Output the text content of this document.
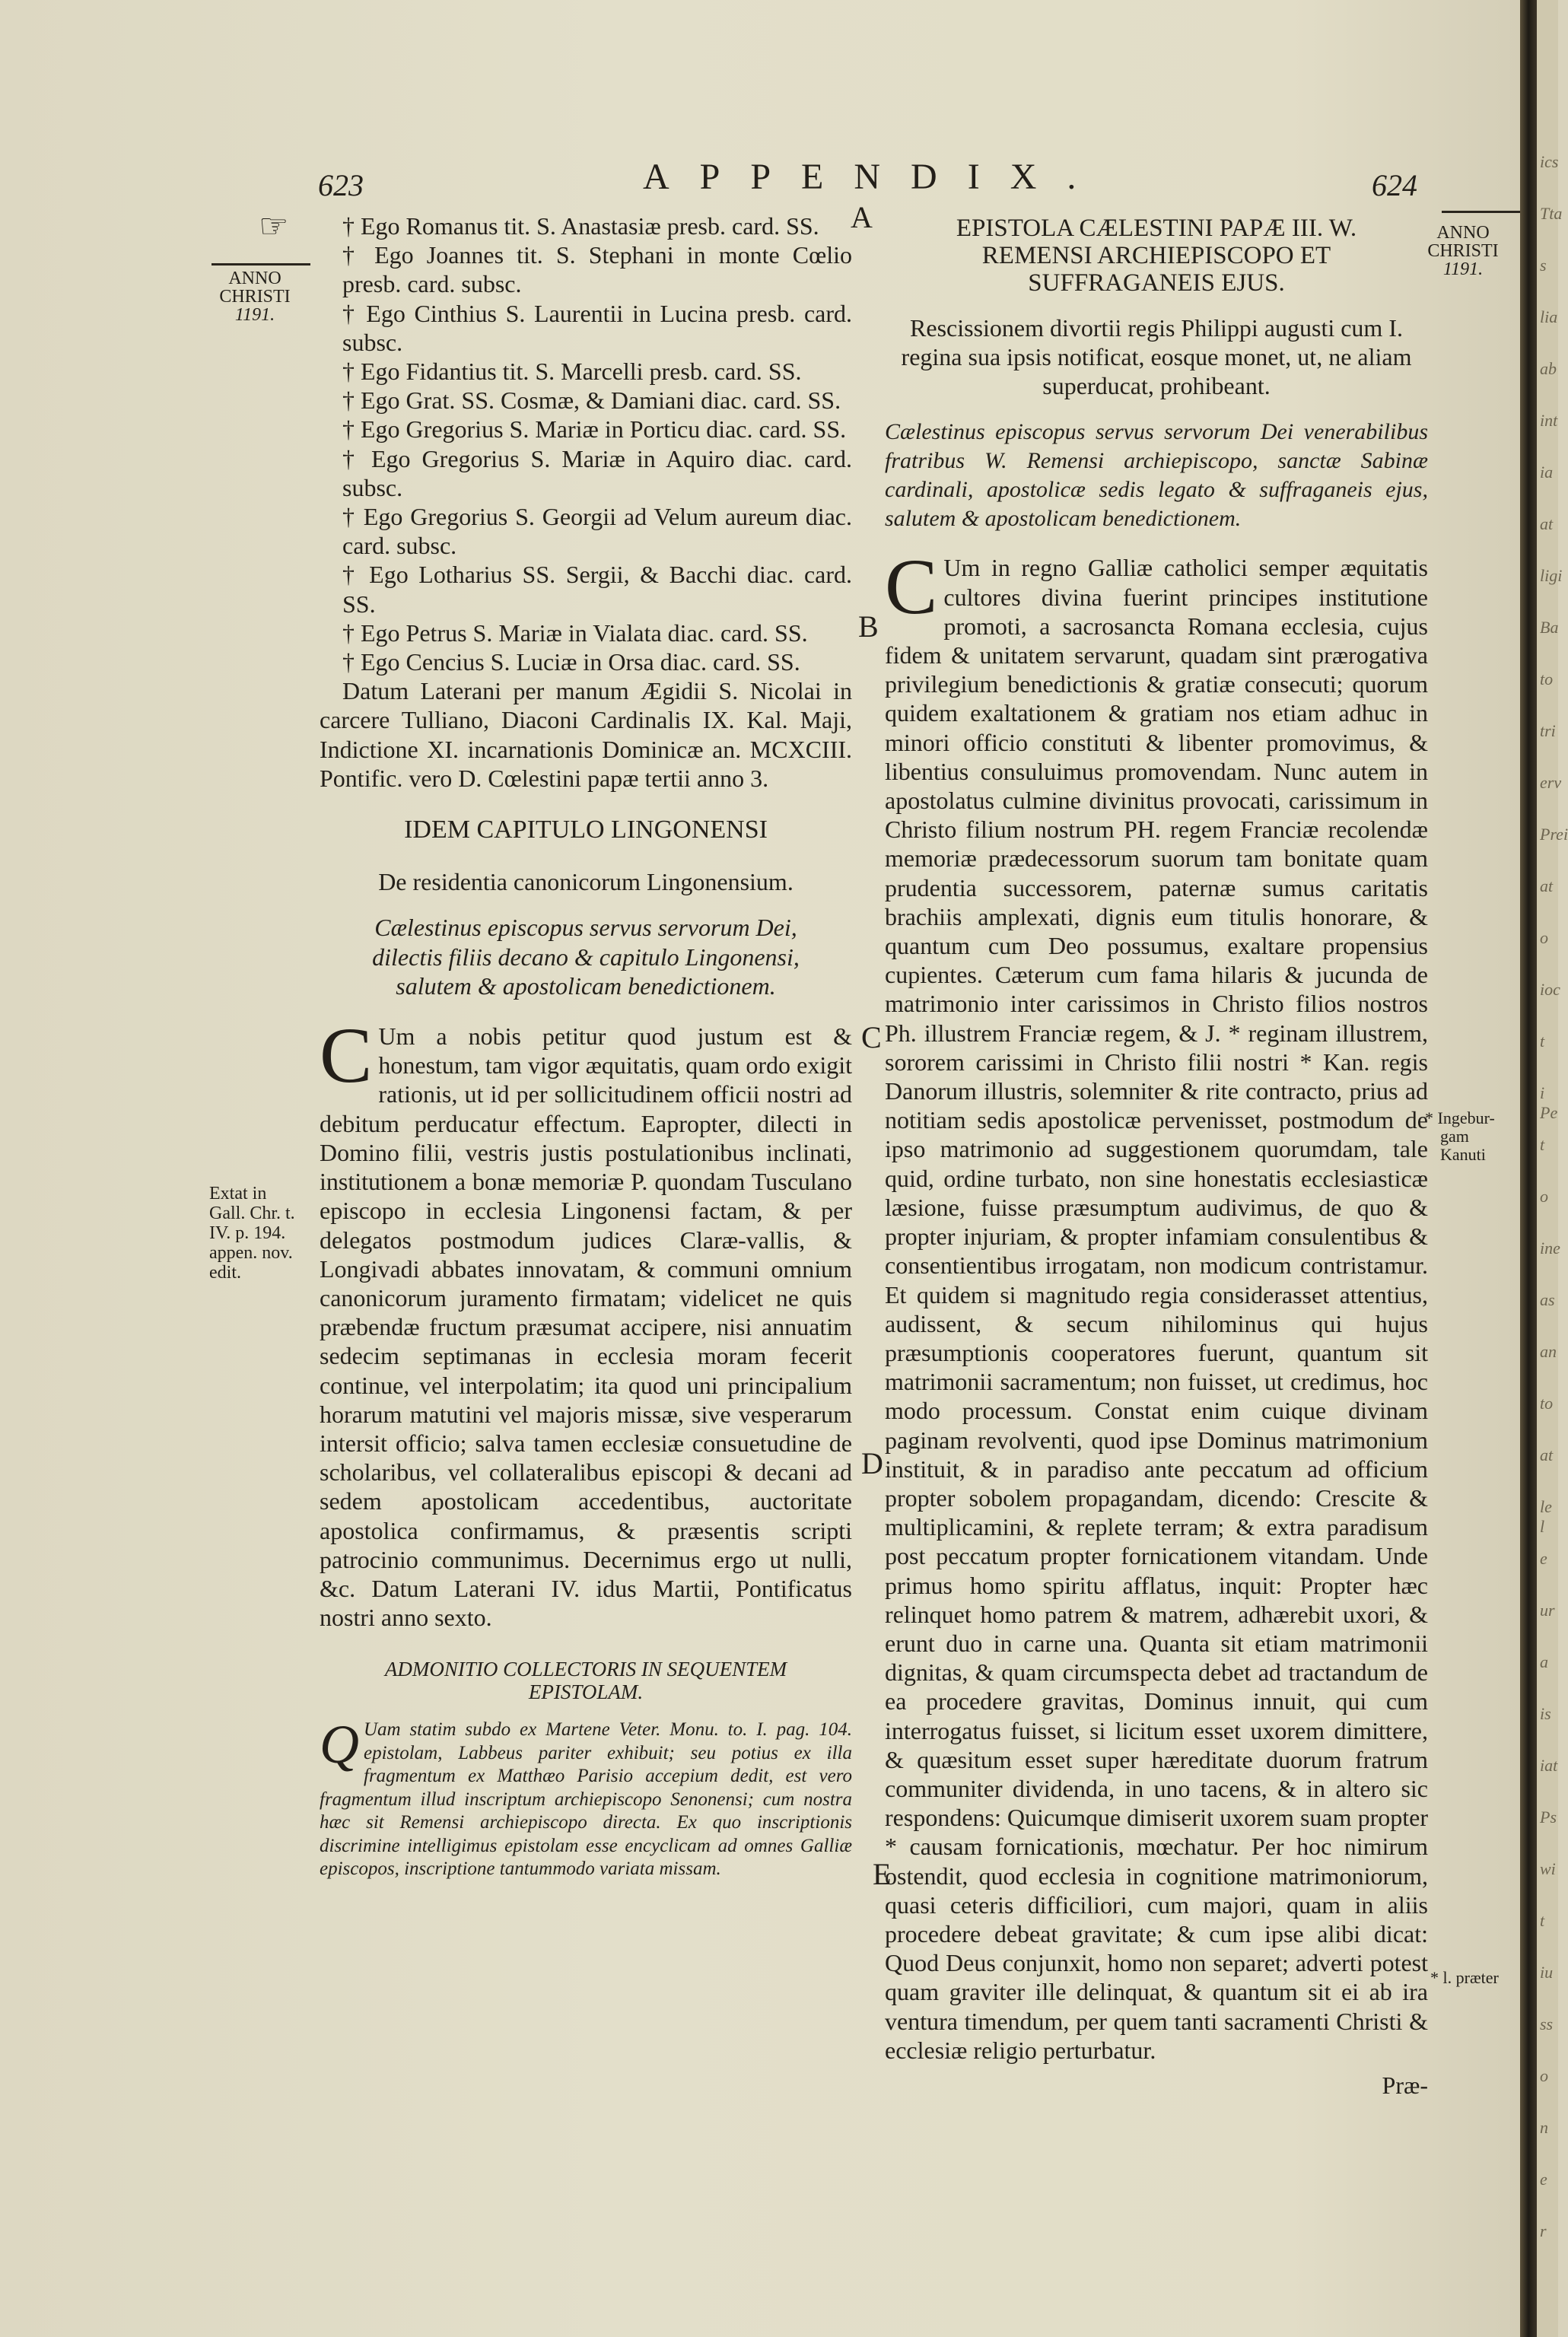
APPENDIX.
623	624
☞
ANNO
CHRISTI
1191.
ANNO
CHRISTI
1191.
Extat in
Gall. Chr. t.
IV. p. 194.
appen. nov.
edit.
* Ingebur-
gam
Kanuti
* l. præter
A
B
C
D
E

† Ego Romanus tit. S. Anastasiæ presb. card. SS.

† Ego Joannes tit. S. Stephani in monte Cœlio presb. card. subsc.

† Ego Cinthius S. Laurentii in Lucina presb. card. subsc.

† Ego Fidantius tit. S. Marcelli presb. card. SS.

† Ego Grat. SS. Cosmæ, & Damiani diac. card. SS.

† Ego Gregorius S. Mariæ in Porticu diac. card. SS.

† Ego Gregorius S. Mariæ in Aquiro diac. card. subsc.

† Ego Gregorius S. Georgii ad Velum aureum diac. card. subsc.

† Ego Lotharius SS. Sergii, & Bacchi diac. card. SS.

† Ego Petrus S. Mariæ in Vialata diac. card. SS.

† Ego Cencius S. Luciæ in Orsa diac. card. SS.

Datum Laterani per manum Ægidii S. Nicolai in carcere Tulliano, Diaconi Cardinalis IX. Kal. Maji, Indictione XI. incarnationis Dominicæ an. MCXCIII. Pontific. vero D. Cœlestini papæ tertii anno 3.

IDEM CAPITULO LINGONENSI

De residentia canonicorum Lingonensium.

Cælestinus episcopus servus servorum Dei, dilectis filiis decano & capitulo Lingonensi, salutem & apostolicam benedictionem.

C Um a nobis petitur quod justum est & honestum, tam vigor æquitatis, quam ordo exigit rationis, ut id per sollicitudinem officii nostri ad debitum perducatur effectum. Eapropter, dilecti in Domino filii, vestris justis postulationibus inclinati, institutionem a bonæ memoriæ P. quondam Tusculano episcopo in ecclesia Lingonensi factam, & per delegatos postmodum judices Claræ-vallis, & Longivadi abbates innovatam, & communi omnium canonicorum juramento firmatam; videlicet ne quis præbendæ fructum præsumat accipere, nisi annuatim sedecim septimanas in ecclesia moram fecerit continue, vel interpolatim; ita quod uni principalium horarum matutini vel majoris missæ, sive vesperarum intersit officio; salva tamen ecclesiæ consuetudine de scholaribus, vel collateralibus episcopi & decani ad sedem apostolicam accedentibus, auctoritate apostolica confirmamus, & præsentis scripti patrocinio communimus. Decernimus ergo ut nulli, &c. Datum Laterani IV. idus Martii, Pontificatus nostri anno sexto.

ADMONITIO COLLECTORIS IN SEQUENTEM EPISTOLAM.

Q Uam statim subdo ex Martene Veter. Monu. to. I. pag. 104. epistolam, Labbeus pariter exhibuit; seu potius ex illa fragmentum ex Matthæo Parisio accepium dedit, est vero fragmentum illud inscriptum archiepiscopo Senonensi; cum nostra hæc sit Remensi archiepiscopo directa. Ex quo inscriptionis discrimine intelligimus epistolam esse encyclicam ad omnes Galliæ episcopos, inscriptione tantummodo variata missam.

EPISTOLA CÆLESTINI PAPÆ III. W. REMENSI ARCHIEPISCOPO ET SUFFRAGANEIS EJUS.

Rescissionem divortii regis Philippi augusti cum I. regina sua ipsis notificat, eosque monet, ut, ne aliam superducat, prohibeant.

Cælestinus episcopus servus servorum Dei venerabilibus fratribus W. Remensi archiepiscopo, sanctæ Sabinæ cardinali, apostolicæ sedis legato & suffraganeis ejus, salutem & apostolicam benedictionem.

C Um in regno Galliæ catholici semper æquitatis cultores divina fuerint principes institutione promoti, a sacrosancta Romana ecclesia, cujus fidem & unitatem servarunt, quadam sint prærogativa privilegium benedictionis & gratiæ consecuti; quorum quidem exaltationem & gratiam nos etiam adhuc in minori officio constituti & libenter promovimus, & libentius consuluimus promovendam. Nunc autem in apostolatus culmine divinitus provocati, carissimum in Christo filium nostrum PH. regem Franciæ recolendæ memoriæ prædecessorum suorum tam bonitate quam prudentia successorem, paternæ sumus caritatis brachiis amplexati, dignis eum titulis honorare, & quantum cum Deo possumus, exaltare propensius cupientes. Cæterum cum fama hilaris & jucunda de matrimonio inter carissimos in Christo filios nostros Ph. illustrem Franciæ regem, & J. * reginam illustrem, sororem carissimi in Christo filii nostri * Kan. regis Danorum illustris, solemniter & rite contracto, prius ad notitiam sedis apostolicæ pervenisset, postmodum de ipso matrimonio ad suggestionem quorumdam, tale quid, ordine turbato, non sine honestatis ecclesiasticæ læsione, fuisse præsumptum audivimus, de quo & propter injuriam, & propter infamiam consulentibus & consentientibus irrogatam, non modicum contristamur. Et quidem si magnitudo regia considerasset attentius, audissent, & secum nihilominus qui hujus præsumptionis cooperatores fuerunt, quantum sit matrimonii sacramentum; non fuisset, ut credimus, hoc modo processum. Constat enim cuique divinam paginam revolventi, quod ipse Dominus matrimonium instituit, & in paradiso ante peccatum ad officium propter sobolem propagandam, dicendo: Crescite & multiplicamini, & replete terram; & extra paradisum post peccatum propter fornicationem vitandam. Unde primus homo spiritu afflatus, inquit: Propter hæc relinquet homo patrem & matrem, adhærebit uxori, & erunt duo in carne una. Quanta sit etiam matrimonii dignitas, & quam circumspecta debet ad tractandum de ea procedere gravitas, Dominus innuit, qui cum interrogatus fuisset, si licitum esset uxorem dimittere, & quæsitum esset super hæreditate duorum fratrum communiter dividenda, in uno tacens, & in altero sic respondens: Quicumque dimiserit uxorem suam propter * causam fornicationis, mœchatur. Per hoc nimirum ostendit, quod ecclesia in cognitione matrimoniorum, quasi ceteris difficiliori, cum majori, quam in aliis procedere debeat gravitate; & cum ipse alibi dicat: Quod Deus conjunxit, homo non separet; adverti potest quam graviter ille delinquat, & quantum sit ei ab ira ventura timendum, per quem tanti sacramenti Christi & ecclesiæ religio perturbatur.

Præ-

ics
Tta
s
lia
ab
int
ia
at
ligi
Ba
to
tri
erv
Prei
at
o
ioc
t
i Pe
t
o
ine
as
an
to
at
le l
e
ur
a
is
iat
Ps
wi
t
iu
ss
o
n
e
r
